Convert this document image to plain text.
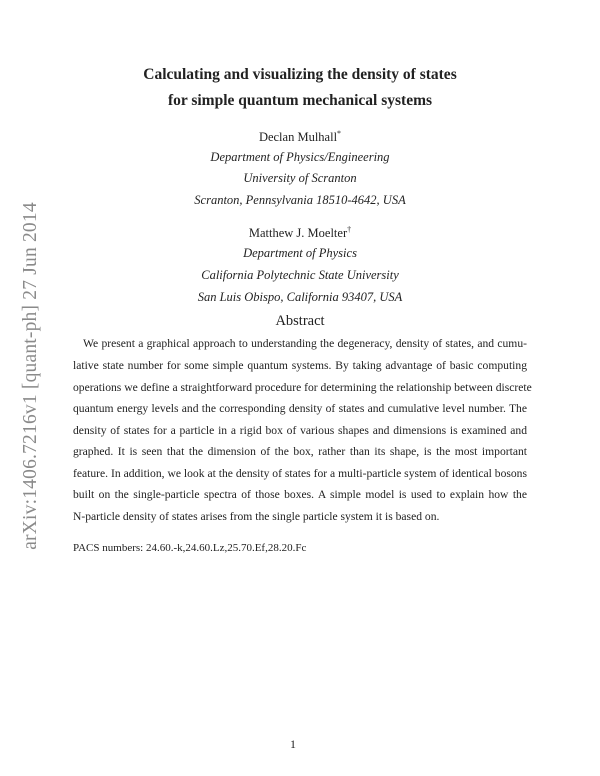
arXiv:1406.7216v1 [quant-ph] 27 Jun 2014
Calculating and visualizing the density of states
for simple quantum mechanical systems
Declan Mulhall*
Department of Physics/Engineering
University of Scranton
Scranton, Pennsylvania 18510-4642, USA
Matthew J. Moelter†
Department of Physics
California Polytechnic State University
San Luis Obispo, California 93407, USA
Abstract
We present a graphical approach to understanding the degeneracy, density of states, and cumu-
lative state number for some simple quantum systems. By taking advantage of basic computing
operations we define a straightforward procedure for determining the relationship between discrete
quantum energy levels and the corresponding density of states and cumulative level number. The
density of states for a particle in a rigid box of various shapes and dimensions is examined and
graphed. It is seen that the dimension of the box, rather than its shape, is the most important
feature. In addition, we look at the density of states for a multi-particle system of identical bosons
built on the single-particle spectra of those boxes. A simple model is used to explain how the
N-particle density of states arises from the single particle system it is based on.
PACS numbers: 24.60.-k,24.60.Lz,25.70.Ef,28.20.Fc
1
